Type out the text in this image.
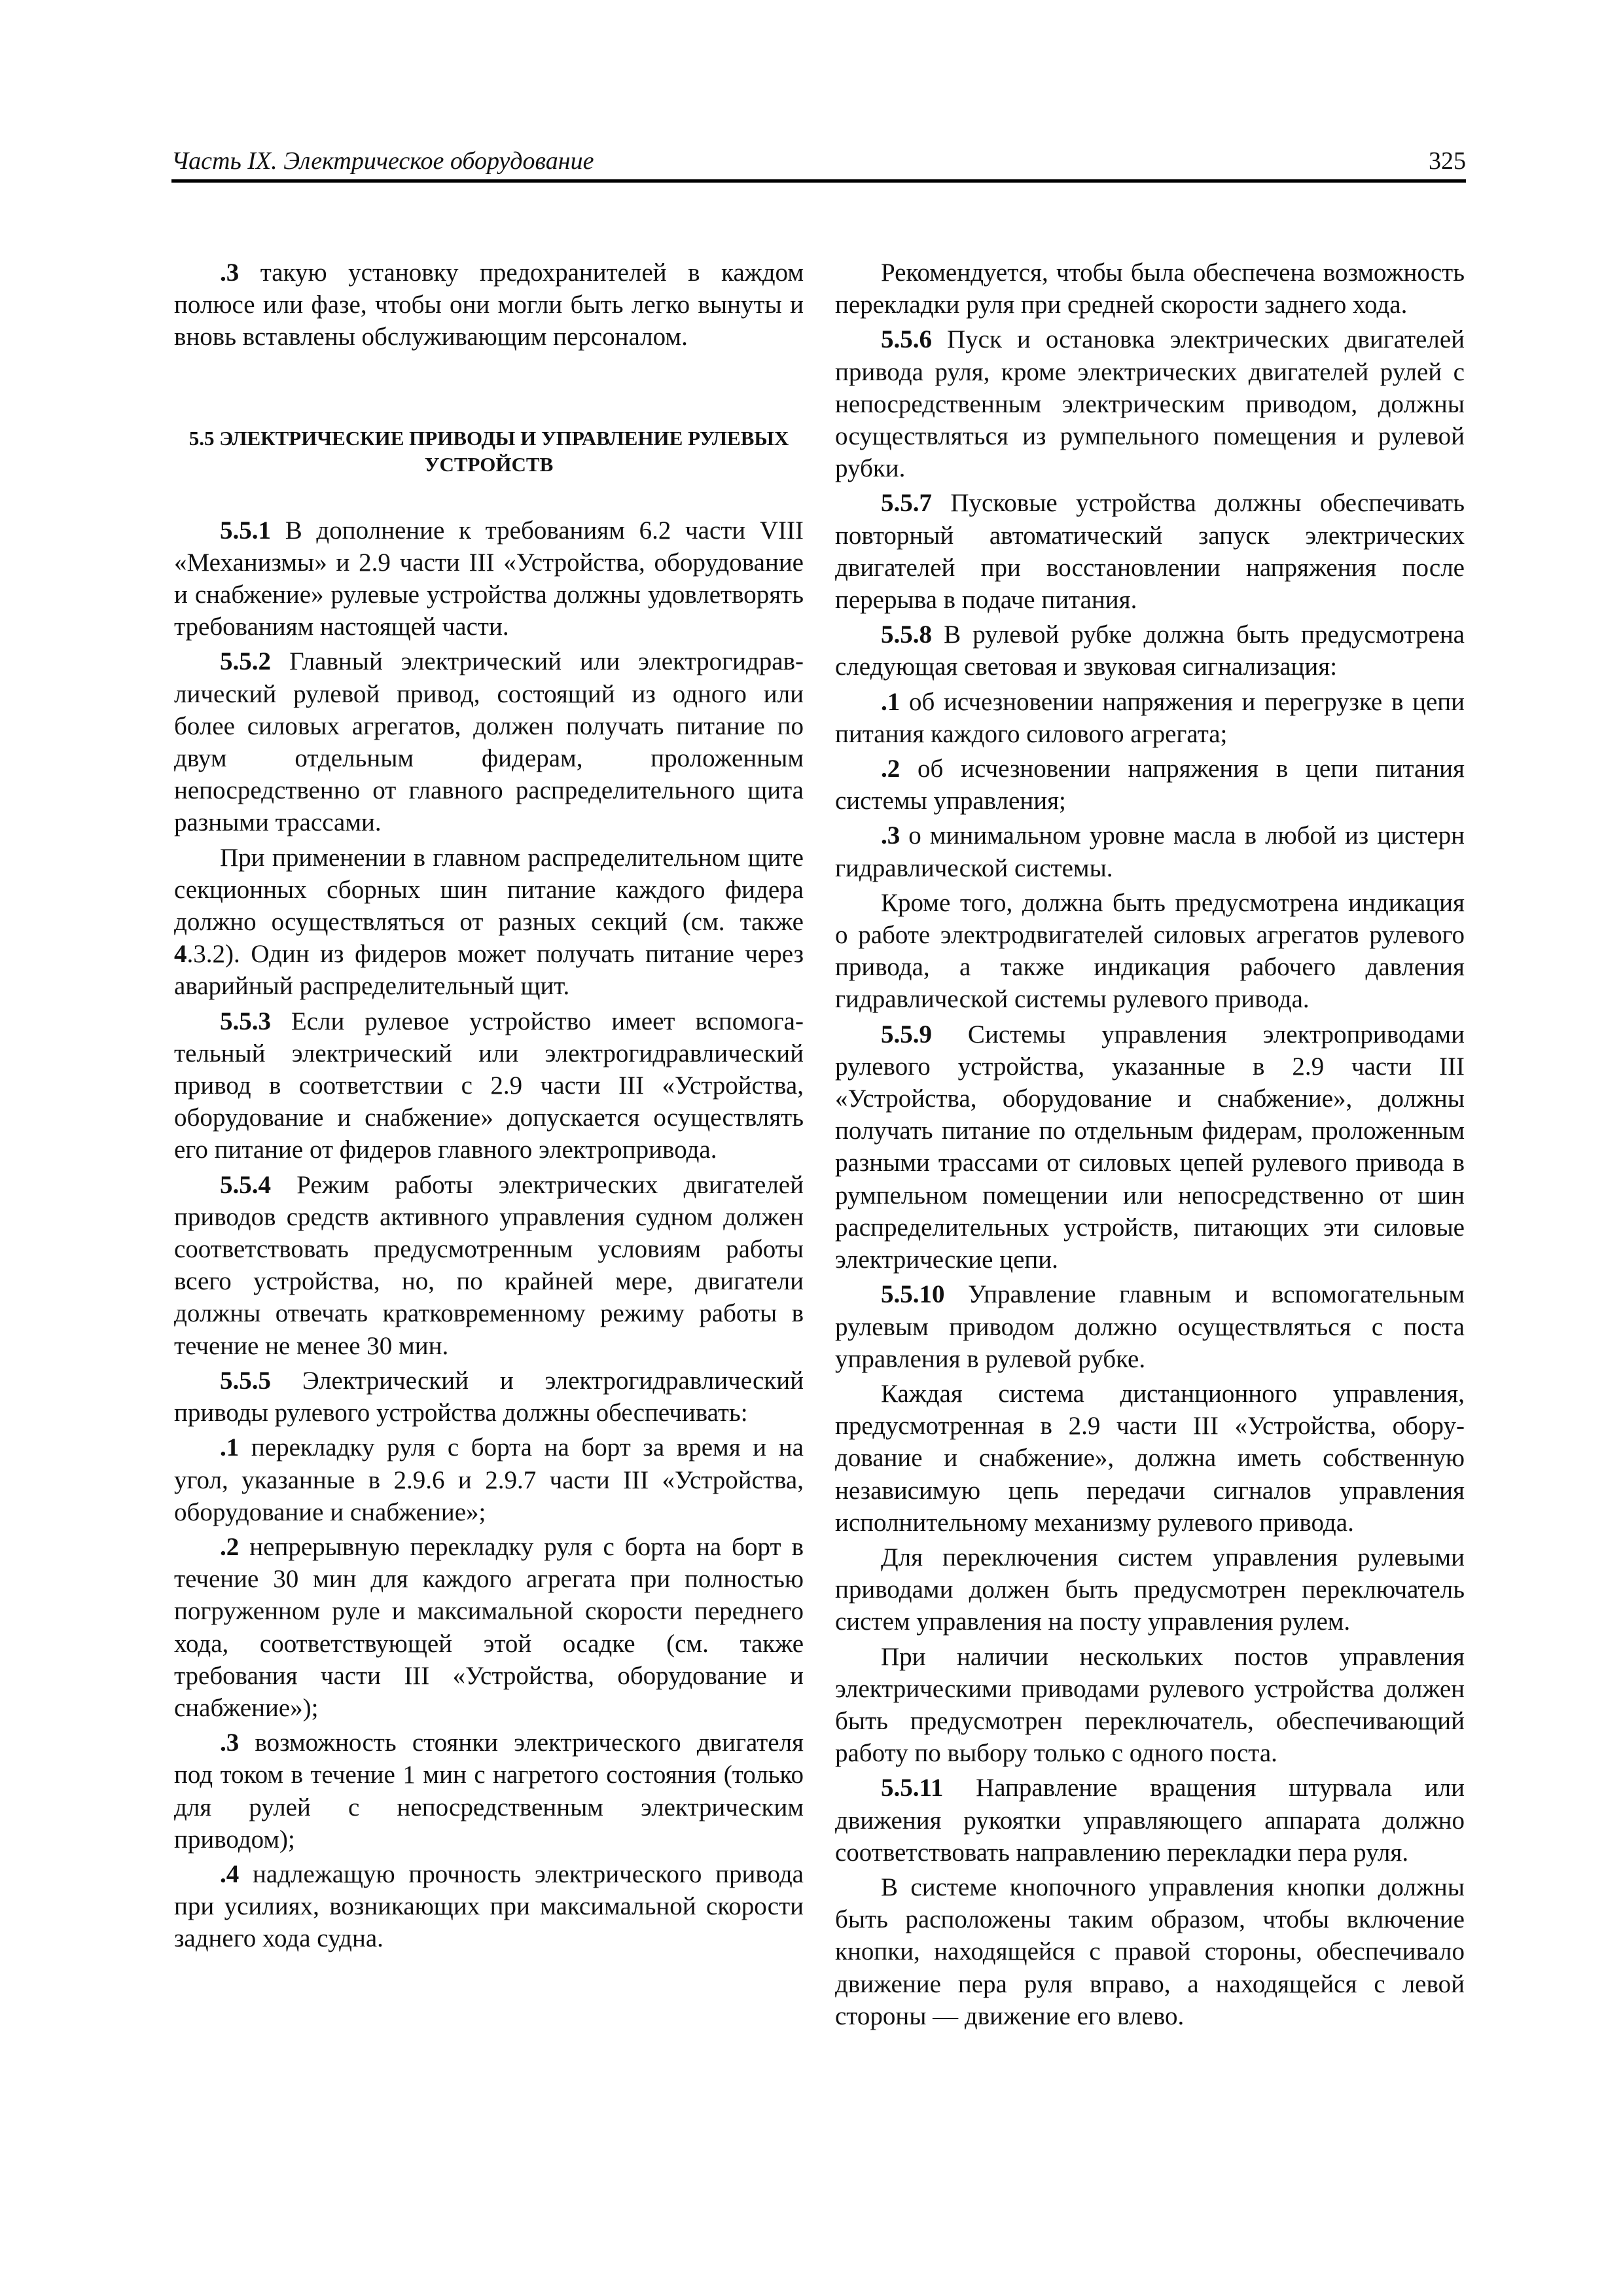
Часть IX. Электрическое оборудование	325

.3 такую установку предохранителей в каждом полюсе или фазе, чтобы они могли быть легко вынуты и вновь вставлены обслуживающим персоналом.

5.5 ЭЛЕКТРИЧЕСКИЕ ПРИВОДЫ И УПРАВЛЕНИЕ РУЛЕВЫХ УСТРОЙСТВ

5.5.1 В дополнение к требованиям 6.2 части VIII «Механизмы» и 2.9 части III «Устройства, оборудование и снабжение» рулевые устройства должны удовлетворять требованиям настоящей части.

5.5.2 Главный электрический или электрогидравлический рулевой привод, состоящий из одного или более силовых агрегатов, должен получать питание по двум отдельным фидерам, проложенным непосредственно от главного распределительного щита разными трассами.

При применении в главном распределительном щите секционных сборных шин питание каждого фидера должно осуществляться от разных секций (см. также 4.3.2). Один из фидеров может получать питание через аварийный распределительный щит.

5.5.3 Если рулевое устройство имеет вспомогательный электрический или электрогидравлический привод в соответствии с 2.9 части III «Устройства, оборудование и снабжение» допускается осуществлять его питание от фидеров главного электропривода.

5.5.4 Режим работы электрических двигателей приводов средств активного управления судном должен соответствовать предусмотренным условиям работы всего устройства, но, по крайней мере, двигатели должны отвечать кратковременному режиму работы в течение не менее 30 мин.

5.5.5 Электрический и электрогидравлический приводы рулевого устройства должны обеспечивать:

.1 перекладку руля с борта на борт за время и на угол, указанные в 2.9.6 и 2.9.7 части III «Устройства, оборудование и снабжение»;

.2 непрерывную перекладку руля с борта на борт в течение 30 мин для каждого агрегата при полностью погруженном руле и максимальной скорости переднего хода, соответствующей этой осадке (см. также требования части III «Устройства, оборудование и снабжение»);

.3 возможность стоянки электрического двигателя под током в течение 1 мин с нагретого состояния (только для рулей с непосредственным электрическим приводом);

.4 надлежащую прочность электрического привода при усилиях, возникающих при максимальной скорости заднего хода судна.

Рекомендуется, чтобы была обеспечена возможность перекладки руля при средней скорости заднего хода.

5.5.6 Пуск и остановка электрических двигателей привода руля, кроме электрических двигателей рулей с непосредственным электрическим приводом, должны осуществляться из румпельного помещения и рулевой рубки.

5.5.7 Пусковые устройства должны обеспечивать повторный автоматический запуск электрических двигателей при восстановлении напряжения после перерыва в подаче питания.

5.5.8 В рулевой рубке должна быть предусмотрена следующая световая и звуковая сигнализация:

.1 об исчезновении напряжения и перегрузке в цепи питания каждого силового агрегата;

.2 об исчезновении напряжения в цепи питания системы управления;

.3 о минимальном уровне масла в любой из цистерн гидравлической системы.

Кроме того, должна быть предусмотрена индикация о работе электродвигателей силовых агрегатов рулевого привода, а также индикация рабочего давления гидравлической системы рулевого привода.

5.5.9 Системы управления электроприводами рулевого устройства, указанные в 2.9 части III «Устройства, оборудование и снабжение», должны получать питание по отдельным фидерам, проложенным разными трассами от силовых цепей рулевого привода в румпельном помещении или непосредственно от шин распределительных устройств, питающих эти силовые электрические цепи.

5.5.10 Управление главным и вспомогательным рулевым приводом должно осуществляться с поста управления в рулевой рубке.

Каждая система дистанционного управления, предусмотренная в 2.9 части III «Устройства, оборудование и снабжение», должна иметь собственную независимую цепь передачи сигналов управления исполнительному механизму рулевого привода.

Для переключения систем управления рулевыми приводами должен быть предусмотрен переключатель систем управления на посту управления рулем.

При наличии нескольких постов управления электрическими приводами рулевого устройства должен быть предусмотрен переключатель, обеспечивающий работу по выбору только с одного поста.

5.5.11 Направление вращения штурвала или движения рукоятки управляющего аппарата должно соответствовать направлению перекладки пера руля.

В системе кнопочного управления кнопки должны быть расположены таким образом, чтобы включение кнопки, находящейся с правой стороны, обеспечивало движение пера руля вправо, а находящейся с левой стороны — движение его влево.
